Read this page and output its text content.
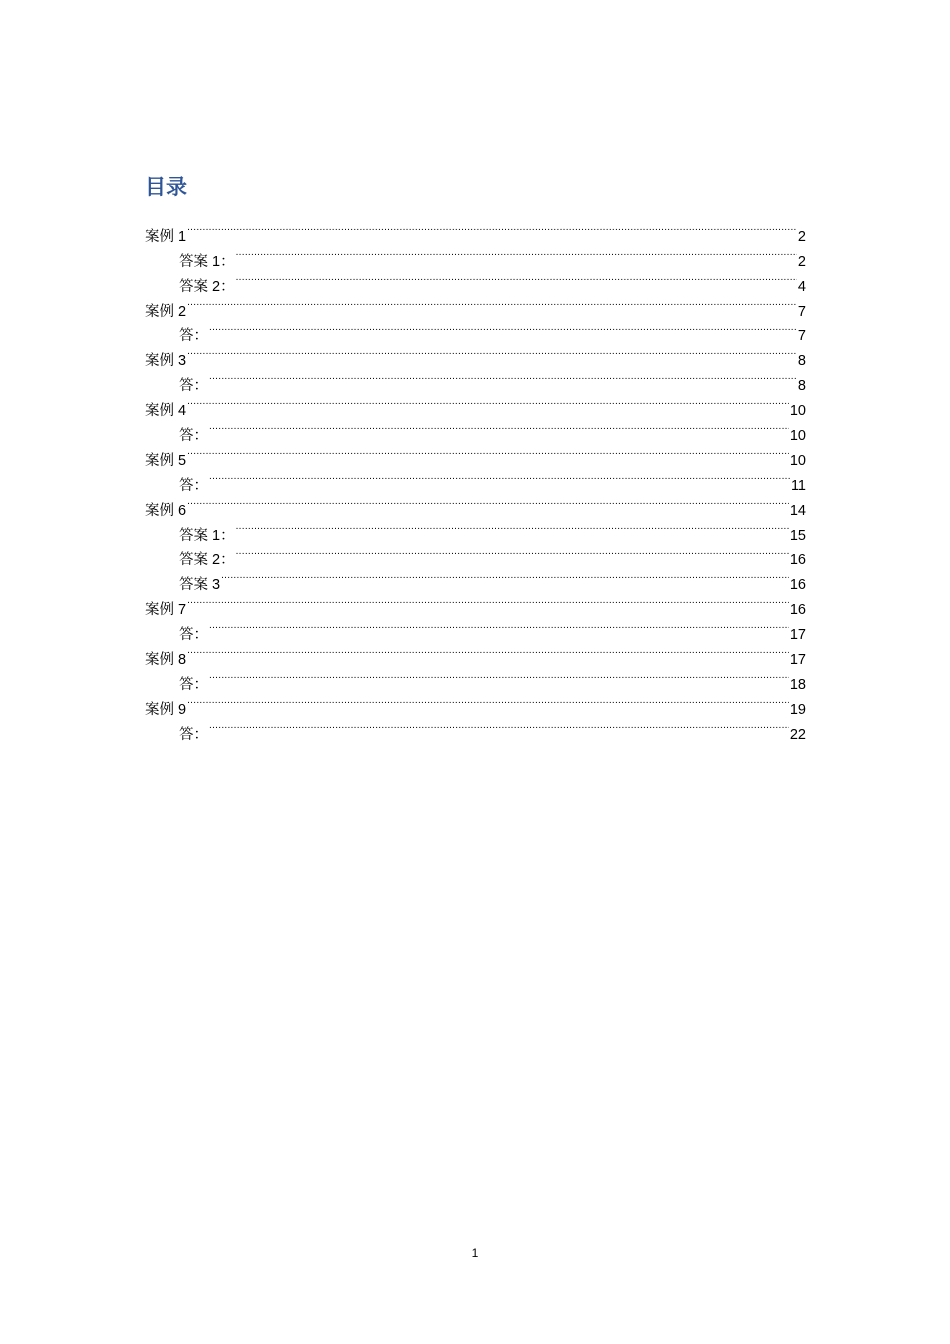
目录
案例 1 .....	2
答案 1： .....	2
答案 2： .....	4
案例 2 .....	7
答： .....	7
案例 3 .....	8
答： .....	8
案例 4 .....	10
答： .....	10
案例 5 .....	10
答： .....	11
案例 6 .....	14
答案 1： .....	15
答案 2： .....	16
答案 3 .....	16
案例 7 .....	16
答： .....	17
案例 8 .....	17
答： .....	18
案例 9 .....	19
答： .....	22
1
